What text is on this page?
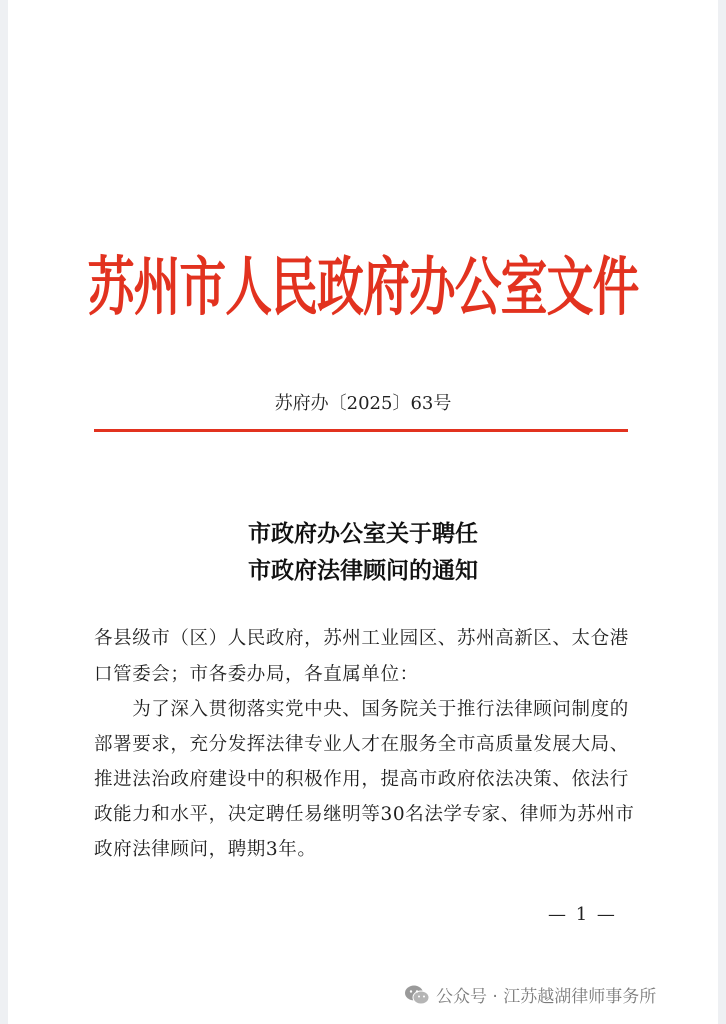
苏州市人民政府办公室文件
苏府办〔2025〕63号
市政府办公室关于聘任
市政府法律顾问的通知
各县级市（区）人民政府，苏州工业园区、苏州高新区、太仓港
口管委会；市各委办局，各直属单位：
　　为了深入贯彻落实党中央、国务院关于推行法律顾问制度的
部署要求，充分发挥法律专业人才在服务全市高质量发展大局、
推进法治政府建设中的积极作用，提高市政府依法决策、依法行
政能力和水平，决定聘任易继明等30名法学专家、律师为苏州市
政府法律顾问，聘期3年。
— 1 —
公众号 · 江苏越湖律师事务所
